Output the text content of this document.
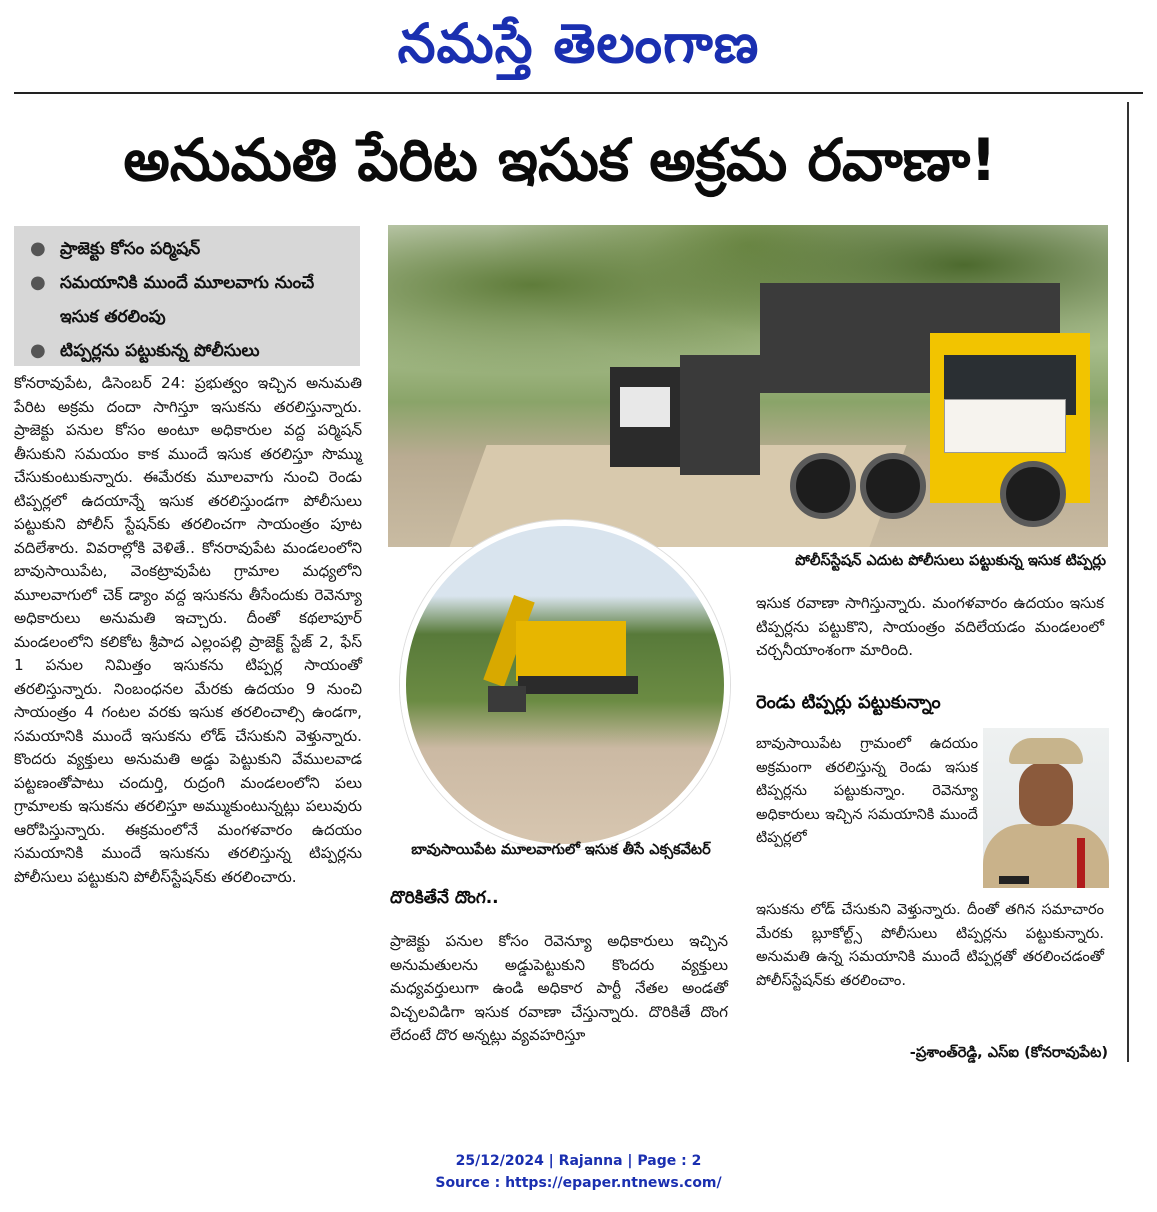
నమస్తే తెలంగాణ
అనుమతి పేరిట ఇసుక అక్రమ రవాణా!
● ప్రాజెక్టు కోసం పర్మిషన్
● సమయానికి ముందే మూలవాగు నుంచే ఇసుక తరలింపు
● టిప్పర్లను పట్టుకున్న పోలీసులు

కోనరావుపేట, డిసెంబర్ 24: ప్రభుత్వం ఇచ్చిన అనుమతి పేరిట అక్రమ దందా సాగిస్తూ ఇసుకను తరలిస్తున్నారు. ప్రాజెక్టు పనుల కోసం అంటూ అధికారుల వద్ద పర్మిషన్ తీసుకుని సమయం కాక ముందే ఇసుక తరలిస్తూ సొమ్ము చేసుకుంటుకున్నారు. ఈమేరకు మూలవాగు నుంచి రెండు టిప్పర్లలో ఉదయాన్నే ఇసుక తరలిస్తుండగా పోలీసులు పట్టుకుని పోలీస్ స్టేషన్‌కు తరలించగా సాయంత్రం పూట వదిలేశారు. వివరాల్లోకి వెళితే.. కోనరావుపేట మండలంలోని బావుసాయిపేట, వెంకట్రావుపేట గ్రామాల మధ్యలోని మూలవాగులో చెక్ డ్యాం వద్ద ఇసుకను తీసేందుకు రెవెన్యూ అధికారులు అనుమతి ఇచ్చారు. దీంతో కథలాపూర్ మండలంలోని కలికోట శ్రీపాద ఎల్లంపల్లి ప్రాజెక్ట్ స్టేజ్ 2, ఫేస్ 1 పనుల నిమిత్తం ఇసుకను టిప్పర్ల సాయంతో తరలిస్తున్నారు. నింబంధనల మేరకు ఉదయం 9 నుంచి సాయంత్రం 4 గంటల వరకు ఇసుక తరలించాల్సి ఉండగా, సమయానికి ముందే ఇసుకను లోడ్ చేసుకుని వెళ్తున్నారు. కొందరు వ్యక్తులు అనుమతి అడ్డు పెట్టుకుని వేములవాడ పట్టణంతోపాటు చందుర్తి, రుద్రంగి మండలంలోని పలు గ్రామాలకు ఇసుకను తరలిస్తూ అమ్ముకుంటున్నట్లు పలువురు ఆరోపిస్తున్నారు. ఈక్రమంలోనే మంగళవారం ఉదయం సమయానికి ముందే ఇసుకను తరలిస్తున్న టిప్పర్లను పోలీసులు పట్టుకుని పోలీస్‌స్టేషన్‌కు తరలించారు.

పోలీస్‌స్టేషన్ ఎదుట పోలీసులు పట్టుకున్న ఇసుక టిప్పర్లు
బావుసాయిపేట మూలవాగులో ఇసుక తీసే ఎక్సకవేటర్
దొరికితేనే దొంగ..

ప్రాజెక్టు పనుల కోసం రెవెన్యూ అధికారులు ఇచ్చిన అనుమతులను అడ్డుపెట్టుకుని కొందరు వ్యక్తులు మధ్యవర్తులుగా ఉండి అధికార పార్టీ నేతల అండతో విచ్చలవిడిగా ఇసుక రవాణా చేస్తున్నారు. దొరికితే దొంగ లేదంటే దొర అన్నట్లు వ్యవహరిస్తూ

ఇసుక రవాణా సాగిస్తున్నారు. మంగళవారం ఉదయం ఇసుక టిప్పర్లను పట్టుకొని, సాయంత్రం వదిలేయడం మండలంలో చర్చనీయాంశంగా మారింది.

రెండు టిప్పర్లు పట్టుకున్నాం

బావుసాయిపేట గ్రామంలో ఉదయం అక్రమంగా తరలిస్తున్న రెండు ఇసుక టిప్పర్లను పట్టుకున్నాం. రెవెన్యూ అధికారులు ఇచ్చిన సమయానికి ముందే టిప్పర్లలో

ఇసుకను లోడ్ చేసుకుని వెళ్తున్నారు. దీంతో తగిన సమాచారం మేరకు బ్లూకోల్ట్స్ పోలీసులు టిప్పర్లను పట్టుకున్నారు. అనుమతి ఉన్న సమయానికి ముందే టిప్పర్లతో తరలించడంతో పోలీస్‌స్టేషన్‌కు తరలించాం.

-ప్రశాంత్‌రెడ్డి, ఎస్ఐ (కోనరావుపేట)
25/12/2024 | Rajanna | Page : 2
Source : https://epaper.ntnews.com/
